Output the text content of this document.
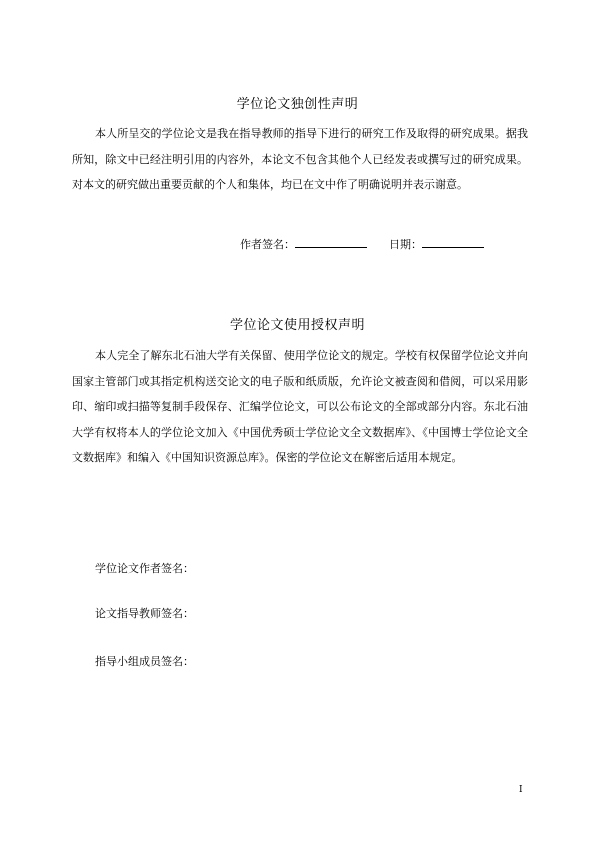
学位论文独创性声明
本人所呈交的学位论文是我在指导教师的指导下进行的研究工作及取得的研究成果。据我所知，除文中已经注明引用的内容外，本论文不包含其他个人已经发表或撰写过的研究成果。对本文的研究做出重要贡献的个人和集体，均已在文中作了明确说明并表示谢意。
作者签名：	日期：
学位论文使用授权声明
本人完全了解东北石油大学有关保留、使用学位论文的规定。学校有权保留学位论文并向国家主管部门或其指定机构送交论文的电子版和纸质版，允许论文被查阅和借阅，可以采用影印、缩印或扫描等复制手段保存、汇编学位论文，可以公布论文的全部或部分内容。东北石油大学有权将本人的学位论文加入《中国优秀硕士学位论文全文数据库》、《中国博士学位论文全文数据库》和编入《中国知识资源总库》。保密的学位论文在解密后适用本规定。
学位论文作者签名：
论文指导教师签名：
指导小组成员签名：
I
